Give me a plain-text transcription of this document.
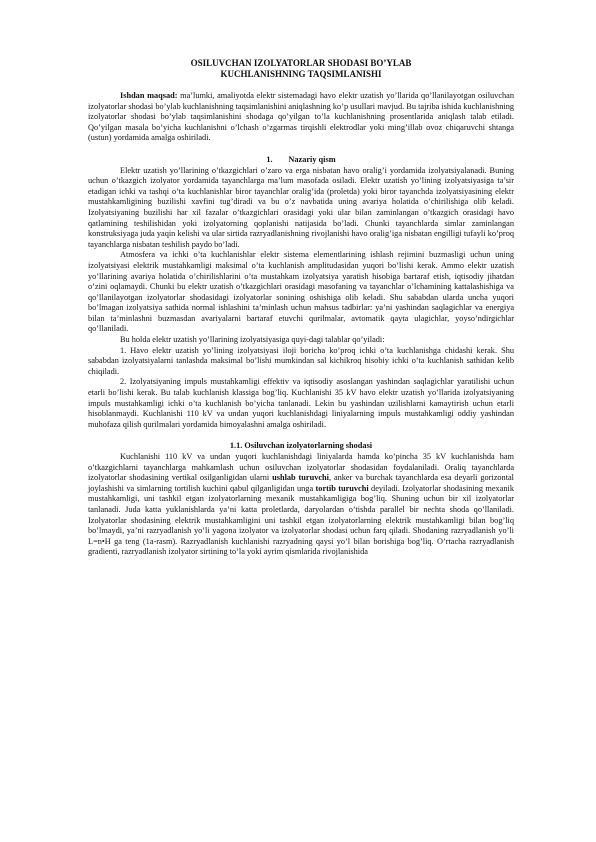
OSILUVCHAN IZOLYATORLAR SHODASI BO’YLAB
KUCHLANISHNING TAQSIMLANISHI

Ishdan maqsad: ma’lumki, amaliyotda elektr sistemadagi havo elektr uzatish yo’llarida qo’llanilayotgan osiluvchan izolyatorlar shodasi bo’ylab kuchlanishning taqsimlanishini aniqlashning ko’p usullari mavjud. Bu tajriba ishida kuchlanishning izolyatorlar shodasi bo’ylab taqsimlanishini shodaga qo’yilgan to’la kuchlanishning prosentlarida aniqlash talab etiladi. Qo’yilgan masala bo’yicha kuchlanishni o’lchash o’zgarmas tirqishli elektrodlar yoki ming’illab ovoz chiqaruvchi shtanga (ustun) yordamida amalga oshiriladi.

1. Nazariy qism

Elektr uzatish yo’llarining o’tkazgichlari o’zaro va erga nisbatan havo oralig’i yordamida izolyatsiyalanadi. Buning uchun o’tkazgich izolyator yordamida tayanchlarga ma’lum masofada osiladi. Elektr uzatish yo’lining izolyatsiyasiga ta’sir etadigan ichki va tashqi o’ta kuchlanishlar biror tayanchlar oralig’ida (proletda) yoki biror tayanchda izolyatsiyasining elektr mustahkamligining buzilishi xavfini tug’diradi va bu o’z navbatida uning avariya holatida o’chirilishiga olib keladi. Izolyatsiyaning buzilishi har xil fazalar o’tkazgichlari orasidagi yoki ular bilan zaminlangan o’tkazgich orasidagi havo qatlamining teshilishidan yoki izolyatorning qoplanishi natijasida bo’ladi. Chunki tayanchlarda simlar zaminlangan konstruksiyaga juda yaqin kelishi va ular sirtida razryadlanishning rivojlanishi havo oralig’iga nisbatan engilligi tufayli ko’proq tayanchlarga nisbatan teshilish paydo bo’ladi.

Atmosfera va ichki o’ta kuchlanishlar elektr sistema elementlarining ishlash rejimini buzmasligi uchun uning izolyatsiyasi elektrik mustahkamligi maksimal o’ta kuchlanish amplitudasidan yuqori bo’lishi kerak. Ammo elektr uzatish yo’llarining avariya holatida o’chirilishlarini o’ta mustahkam izolyatsiya yaratish hisobiga bartaraf etish, iqtisodiy jihatdan o’zini oqlamaydi. Chunki bu elektr uzatish o’tkazgichlari orasidagi masofaning va tayanchlar o’lchamining kattalashishiga va qo’llanilayotgan izolyatorlar shodasidagi izolyatorlar sonining oshishiga olib keladi. Shu sababdan ularda uncha yuqori bo’lmagan izolyatsiya sathida normal ishlashini ta’minlash uchun mahsus tadbirlar: ya’ni yashindan saqlagichlar va energiya bilan ta’minlashni buzmasdan avariyalarni bartaraf etuvchi qurilmalar, avtomatik qayta ulagichlar, yoyso’ndirgichlar qo’llaniladi.

Bu holda elektr uzatish yo’llarining izolyatsiyasiga quyi-dagi talablar qo’yiladi:

1. Havo elektr uzatish yo’lining izolyatsiyasi iloji boricha ko’proq ichki o’ta kuchlanishga chidashi kerak. Shu sababdan izolyatsiyalarni tanlashda maksimal bo’lishi mumkindan sal kichikroq hisobiy ichki o’ta kuchlanish sathidan kelib chiqiladi.

2. Izolyatsiyaning impuls mustahkamligi effektiv va iqtisodiy asoslangan yashindan saqlagichlar yaratilishi uchun etarli bo’lishi kerak. Bu talab kuchlanish klassiga bog’liq. Kuchlanishi 35 kV havo elektr uzatish yo’llarida izolyatsiyaning impuls mustahkamligi ichki o’ta kuchlanish bo’yicha tanlanadi. Lekin bu yashindan uzilishlarni kamaytirish uchun etarli hisoblanmaydi. Kuchlanishi 110 kV va undan yuqori kuchlanishdagi liniyalarning impuls mustahkamligi oddiy yashindan muhofaza qilish qurilmalari yordamida himoyalashni amalga oshiriladi.

1.1. Osiluvchan izolyatorlarning shodasi

Kuchlanishi 110 kV va undan yuqori kuchlanishdagi liniyalarda hamda ko’pincha 35 kV kuchlanishda ham o’tkazgichlarni tayanchlarga mahkamlash uchun osiluvchan izolyatorlar shodasidan foydalaniladi. Oraliq tayanchlarda izolyatorlar shodasining vertikal osilganligidan ularni ushlab turuvchi, anker va burchak tayanchlarda esa deyarli gorizontal joylashishi va simlarning tortilish kuchini qabul qilganligidan unga tortib turuvchi deyiladi. Izolyatorlar shodasining mexanik mustahkamligi, uni tashkil etgan izolyatorlarning mexanik mustahkamligiga bog’liq. Shuning uchun bir xil izolyatorlar tanlanadi. Juda katta yuklanishlarda ya’ni katta proletlarda, daryolardan o’tishda parallel bir nechta shoda qo’llaniladi. Izolyatorlar shodasining elektrik mustahkamligini uni tashkil etgan izolyatorlarning elektrik mustahkamligi bilan bog’liq bo’lmaydi, ya’ni razryadlanish yo’li yagona izolyator va izolyatorlar shodasi uchun farq qiladi. Shodaning razryadlanish yo’li L=n•H ga teng (1a-rasm). Razryadlanish kuchlanishi razryadning qaysi yo’l bilan borishiga bog’liq. O’rtacha razryadlanish gradienti, razryadlanish izolyator sirtining to’la yoki ayrim qismlarida rivojlanishida
